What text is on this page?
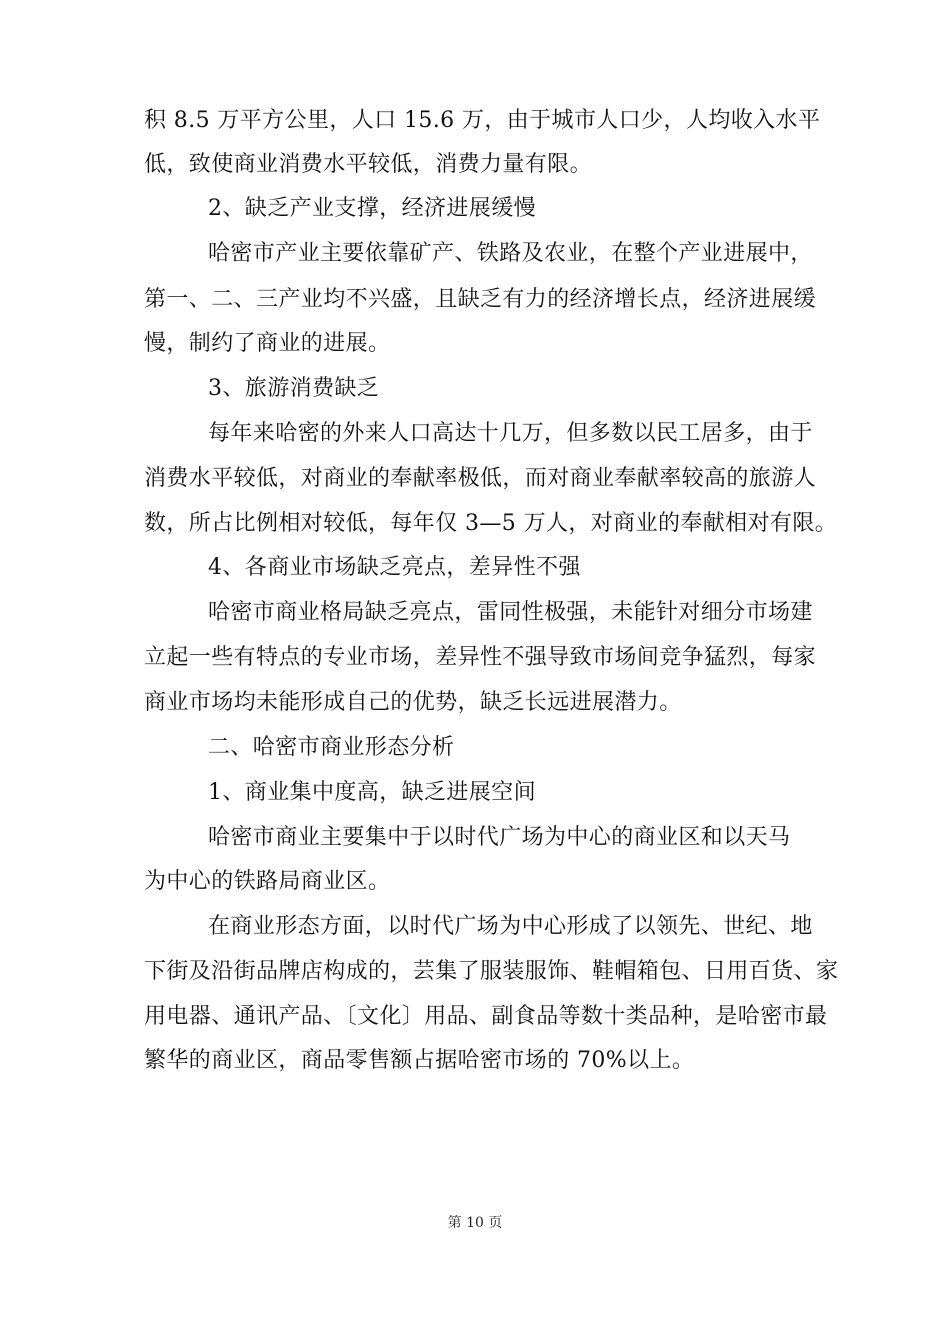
积 8.5 万平方公里，人口 15.6 万，由于城市人口少，人均收入水平
低，致使商业消费水平较低，消费力量有限。
2、缺乏产业支撑，经济进展缓慢
哈密市产业主要依靠矿产、铁路及农业，在整个产业进展中，
第一、二、三产业均不兴盛，且缺乏有力的经济增长点，经济进展缓
慢，制约了商业的进展。
3、旅游消费缺乏
每年来哈密的外来人口高达十几万，但多数以民工居多，由于
消费水平较低，对商业的奉献率极低，而对商业奉献率较高的旅游人
数，所占比例相对较低，每年仅 3—5 万人，对商业的奉献相对有限。
4、各商业市场缺乏亮点，差异性不强
哈密市商业格局缺乏亮点，雷同性极强，未能针对细分市场建
立起一些有特点的专业市场，差异性不强导致市场间竞争猛烈，每家
商业市场均未能形成自己的优势，缺乏长远进展潜力。
二、哈密市商业形态分析
1、商业集中度高，缺乏进展空间
哈密市商业主要集中于以时代广场为中心的商业区和以天马
为中心的铁路局商业区。
在商业形态方面，以时代广场为中心形成了以领先、世纪、地
下街及沿街品牌店构成的，芸集了服装服饰、鞋帽箱包、日用百货、家
用电器、通讯产品、〔文化〕用品、副食品等数十类品种，是哈密市最
繁华的商业区，商品零售额占据哈密市场的 70%以上。
第 10 页
